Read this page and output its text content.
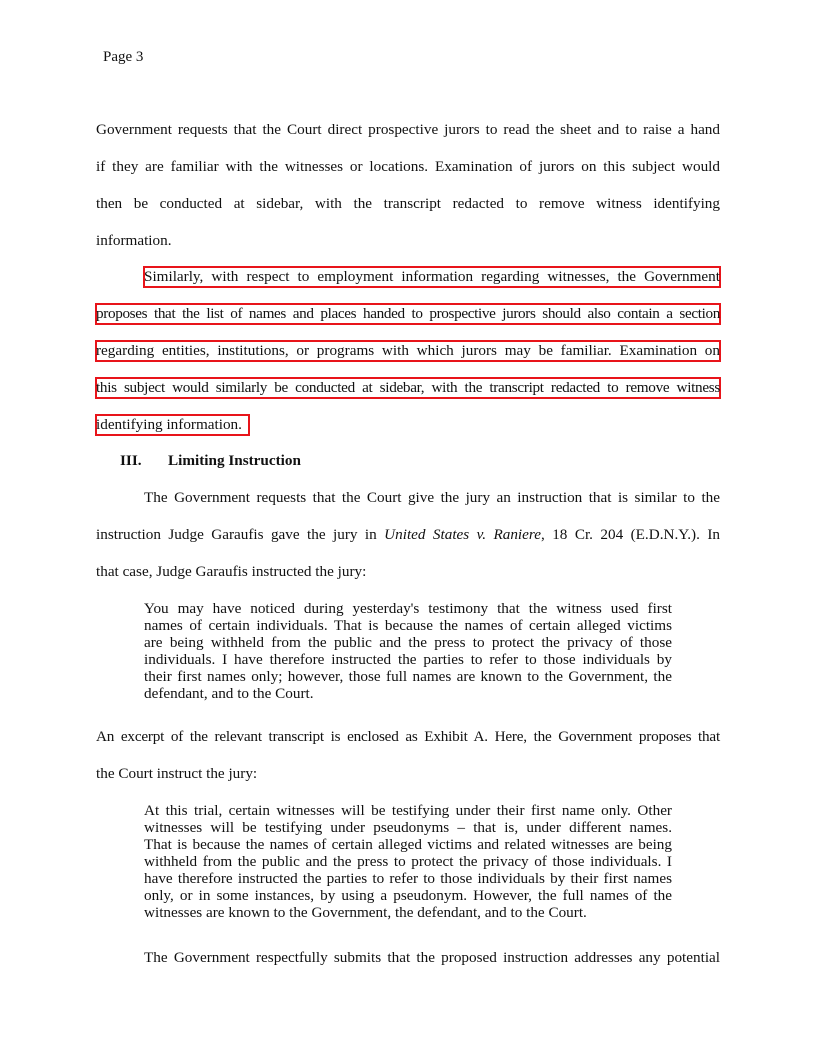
Page 3
Government requests that the Court direct prospective jurors to read the sheet and to raise a hand
if they are familiar with the witnesses or locations. Examination of jurors on this subject would
then be conducted at sidebar, with the transcript redacted to remove witness identifying
information.
Similarly, with respect to employment information regarding witnesses, the Government
proposes that the list of names and places handed to prospective jurors should also contain a section
regarding entities, institutions, or programs with which jurors may be familiar. Examination on
this subject would similarly be conducted at sidebar, with the transcript redacted to remove witness
identifying information.
III. Limiting Instruction
The Government requests that the Court give the jury an instruction that is similar to the
instruction Judge Garaufis gave the jury in United States v. Raniere, 18 Cr. 204 (E.D.N.Y.). In
that case, Judge Garaufis instructed the jury:
You may have noticed during yesterday's testimony that the witness used first
names of certain individuals. That is because the names of certain alleged victims
are being withheld from the public and the press to protect the privacy of those
individuals. I have therefore instructed the parties to refer to those individuals by
their first names only; however, those full names are known to the Government, the
defendant, and to the Court.
An excerpt of the relevant transcript is enclosed as Exhibit A. Here, the Government proposes that
the Court instruct the jury:
At this trial, certain witnesses will be testifying under their first name only. Other
witnesses will be testifying under pseudonyms – that is, under different names.
That is because the names of certain alleged victims and related witnesses are being
withheld from the public and the press to protect the privacy of those individuals. I
have therefore instructed the parties to refer to those individuals by their first names
only, or in some instances, by using a pseudonym. However, the full names of the
witnesses are known to the Government, the defendant, and to the Court.
The Government respectfully submits that the proposed instruction addresses any potential
